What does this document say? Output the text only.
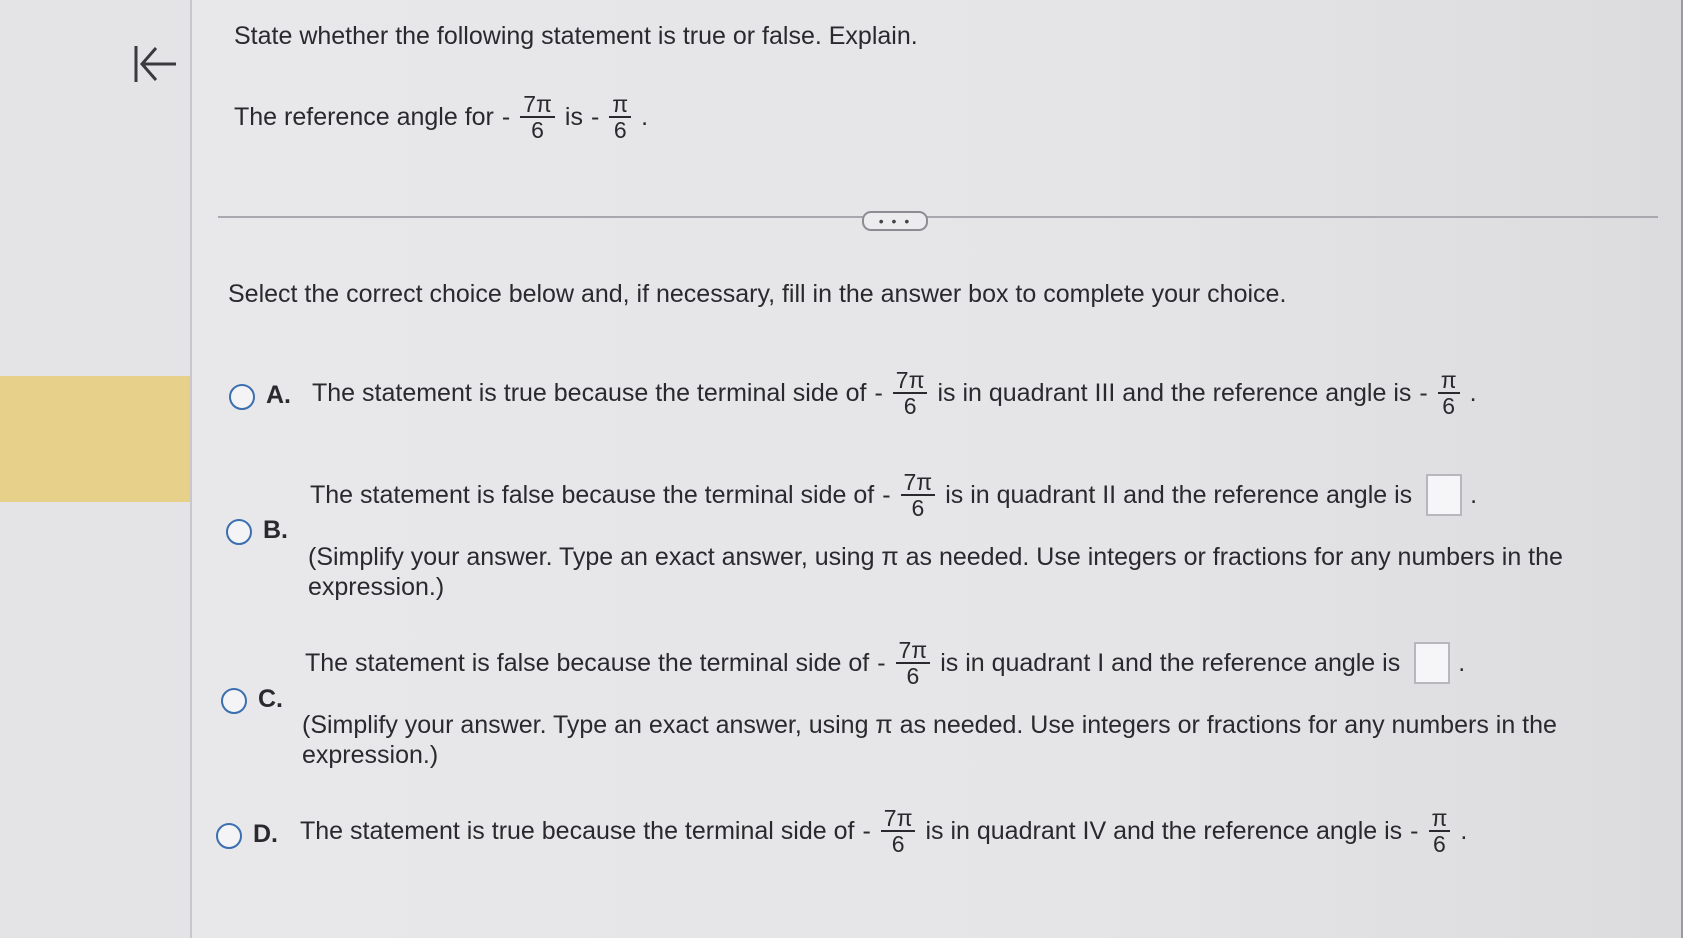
State whether the following statement is true or false. Explain.
The reference angle for - $\frac{7\pi}{6}$ is - $\frac{\pi}{6}$ .
• • •
Select the correct choice below and, if necessary, fill in the answer box to complete your choice.
A. The statement is true because the terminal side of - $\frac{7\pi}{6}$ is in quadrant III and the reference angle is - $\frac{\pi}{6}$ .
B.
The statement is false because the terminal side of - $\frac{7\pi}{6}$ is in quadrant II and the reference angle is .
(Simplify your answer. Type an exact answer, using π as needed. Use integers or fractions for any numbers in the expression.)
C.
The statement is false because the terminal side of - $\frac{7\pi}{6}$ is in quadrant I and the reference angle is .
(Simplify your answer. Type an exact answer, using π as needed. Use integers or fractions for any numbers in the expression.)
D. The statement is true because the terminal side of - $\frac{7\pi}{6}$ is in quadrant IV and the reference angle is - $\frac{\pi}{6}$ .
